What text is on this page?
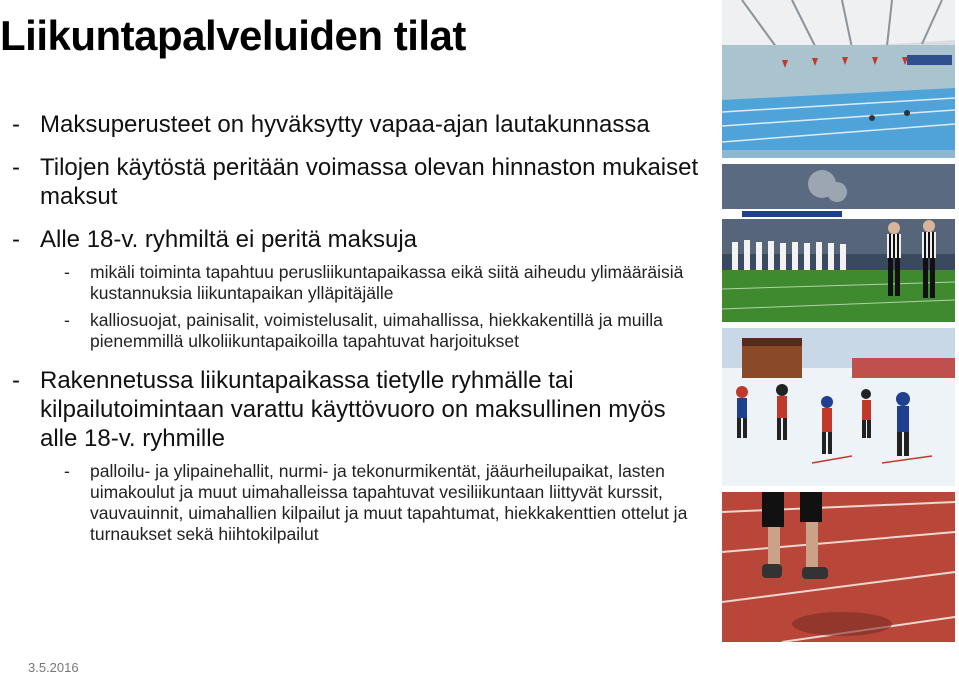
Liikuntapalveluiden tilat
- Maksuperusteet on hyväksytty vapaa-ajan lautakunnassa
- Tilojen käytöstä peritään voimassa olevan hinnaston mukaiset maksut
- Alle 18-v. ryhmiltä ei peritä maksuja
- mikäli toiminta tapahtuu perusliikuntapaikassa eikä siitä aiheudu ylimääräisiä kustannuksia liikuntapaikan ylläpitäjälle
- kalliosuojat, painisalit, voimistelusalit, uimahallissa, hiekkakentillä ja muilla pienemmillä ulkoliikuntapaikoilla tapahtuvat harjoitukset
- Rakennetussa liikuntapaikassa tietylle ryhmälle tai kilpailutoimintaan varattu käyttövuoro on maksullinen myös alle 18-v. ryhmille
- palloilu- ja ylipainehallit, nurmi- ja tekonurmikentät, jääurheilupaikat, lasten uimakoulut ja muut uimahalleissa tapahtuvat vesiliikuntaan liittyvät kurssit, vauvauinnit, uimahallien kilpailut ja muut tapahtumat, hiekkakenttien ottelut ja turnaukset sekä hiihtokilpailut
3.5.2016
